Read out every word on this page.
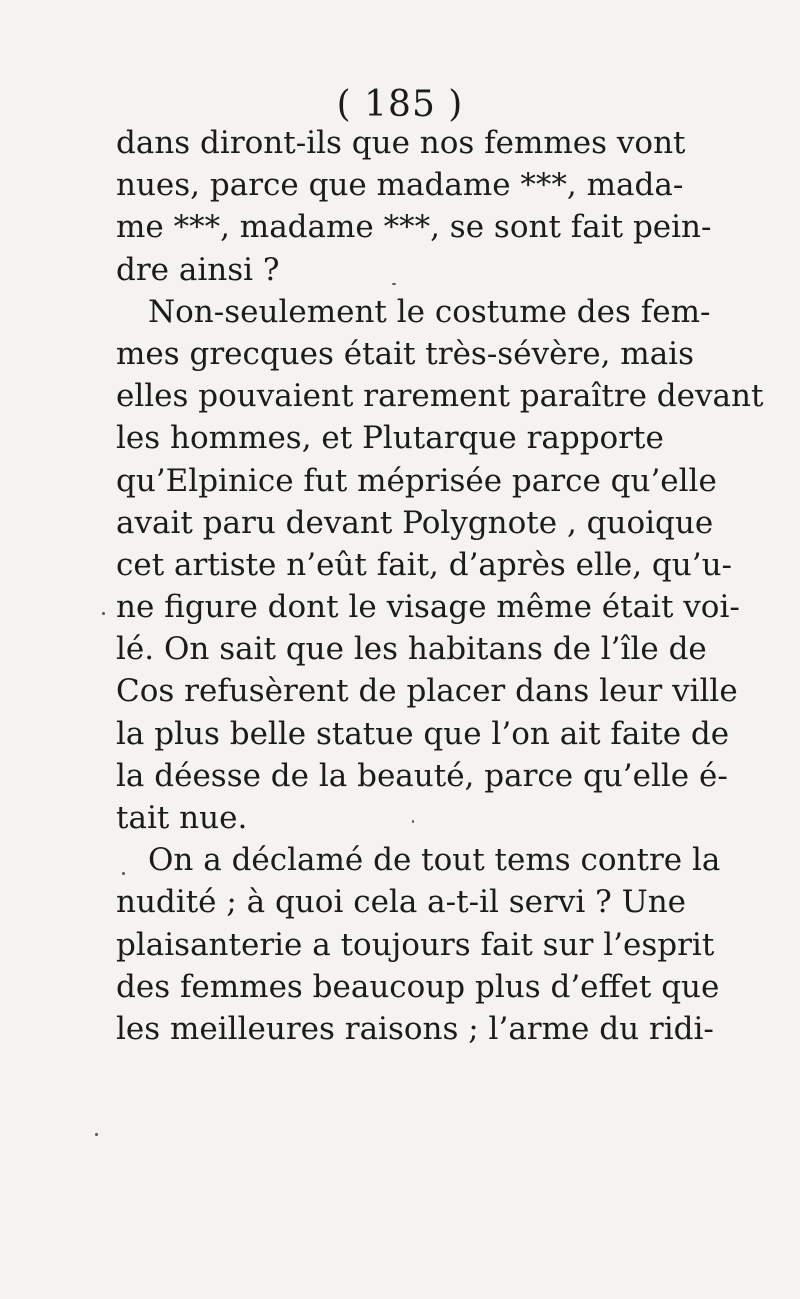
( 185 )
dans diront-ils que nos femmes vont
nues, parce que madame ***, mada-
me ***, madame ***, se sont fait pein-
dre ainsi ?
Non-seulement le costume des fem-
mes grecques était très-sévère, mais
elles pouvaient rarement paraître devant
les hommes, et Plutarque rapporte
qu’Elpinice fut méprisée parce qu’elle
avait paru devant Polygnote , quoique
cet artiste n’eût fait, d’après elle, qu’u-
ne figure dont le visage même était voi-
lé. On sait que les habitans de l’île de
Cos refusèrent de placer dans leur ville
la plus belle statue que l’on ait faite de
la déesse de la beauté, parce qu’elle é-
tait nue.
On a déclamé de tout tems contre la
nudité ; à quoi cela a-t-il servi ? Une
plaisanterie a toujours fait sur l’esprit
des femmes beaucoup plus d’effet que
les meilleures raisons ; l’arme du ridi-
